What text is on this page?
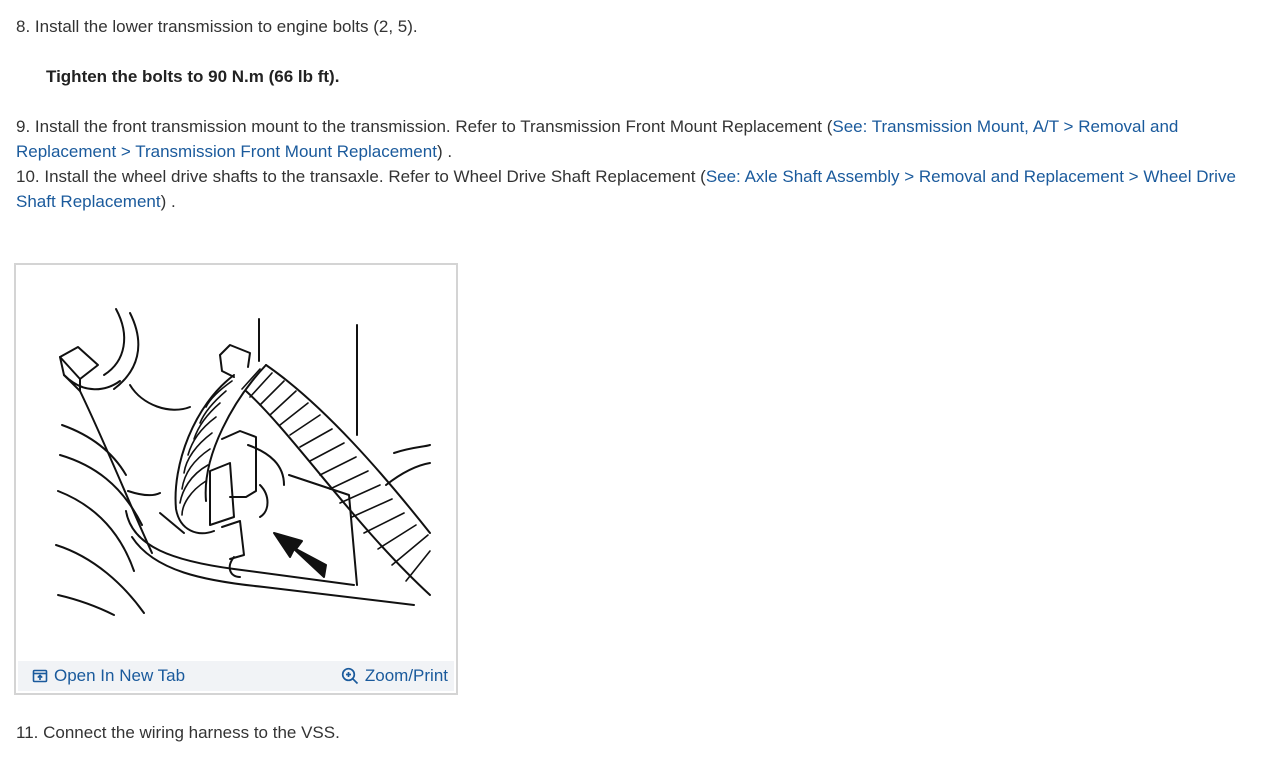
8. Install the lower transmission to engine bolts (2, 5).
Tighten the bolts to 90 N.m (66 lb ft).
9. Install the front transmission mount to the transmission. Refer to Transmission Front Mount Replacement (See: Transmission Mount, A/T > Removal and Replacement > Transmission Front Mount Replacement) .
10. Install the wheel drive shafts to the transaxle. Refer to Wheel Drive Shaft Replacement (See: Axle Shaft Assembly > Removal and Replacement > Wheel Drive Shaft Replacement) .
Open In New Tab	Zoom/Print
11. Connect the wiring harness to the VSS.
